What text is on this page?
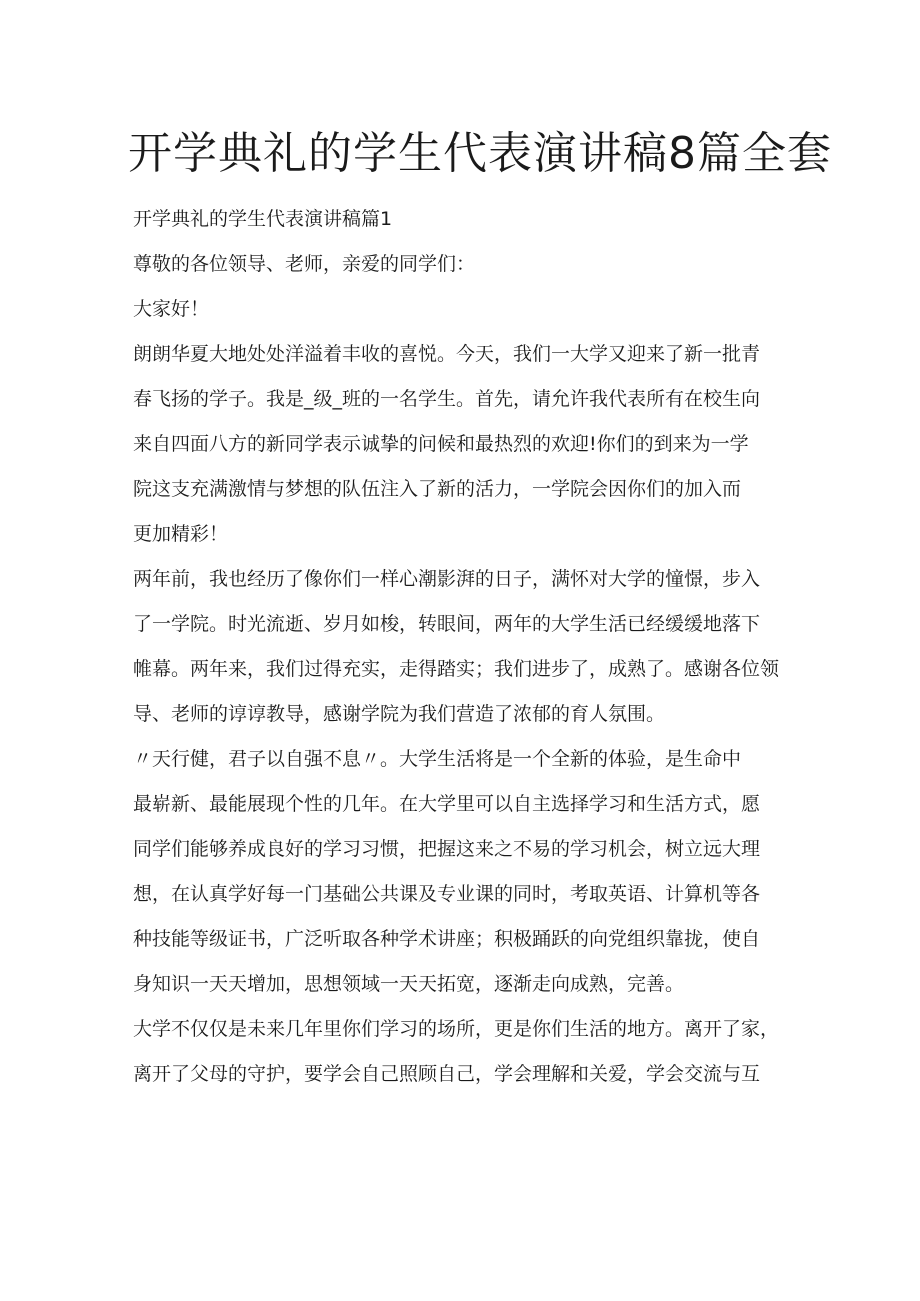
开学典礼的学生代表演讲稿8篇全套

开学典礼的学生代表演讲稿篇1

尊敬的各位领导、老师，亲爱的同学们：

大家好！

朗朗华夏大地处处洋溢着丰收的喜悦。今天，我们一大学又迎来了新一批青

春飞扬的学子。我是_级_班的一名学生。首先，请允许我代表所有在校生向

来自四面八方的新同学表示诚挚的问候和最热烈的欢迎!你们的到来为一学

院这支充满激情与梦想的队伍注入了新的活力，一学院会因你们的加入而

更加精彩！

两年前，我也经历了像你们一样心潮影湃的日子，满怀对大学的憧憬，步入

了一学院。时光流逝、岁月如梭，转眼间，两年的大学生活已经缓缓地落下

帷幕。两年来，我们过得充实，走得踏实；我们进步了，成熟了。感谢各位领

导、老师的谆谆教导，感谢学院为我们营造了浓郁的育人氛围。

〃天行健，君子以自强不息〃。大学生活将是一个全新的体验，是生命中

最崭新、最能展现个性的几年。在大学里可以自主选择学习和生活方式，愿

同学们能够养成良好的学习习惯，把握这来之不易的学习机会，树立远大理

想，在认真学好每一门基础公共课及专业课的同时，考取英语、计算机等各

种技能等级证书，广泛听取各种学术讲座；积极踊跃的向党组织靠拢，使自

身知识一天天增加，思想领域一天天拓宽，逐渐走向成熟，完善。

大学不仅仅是未来几年里你们学习的场所，更是你们生活的地方。离开了家，

离开了父母的守护，要学会自己照顾自己，学会理解和关爱，学会交流与互
